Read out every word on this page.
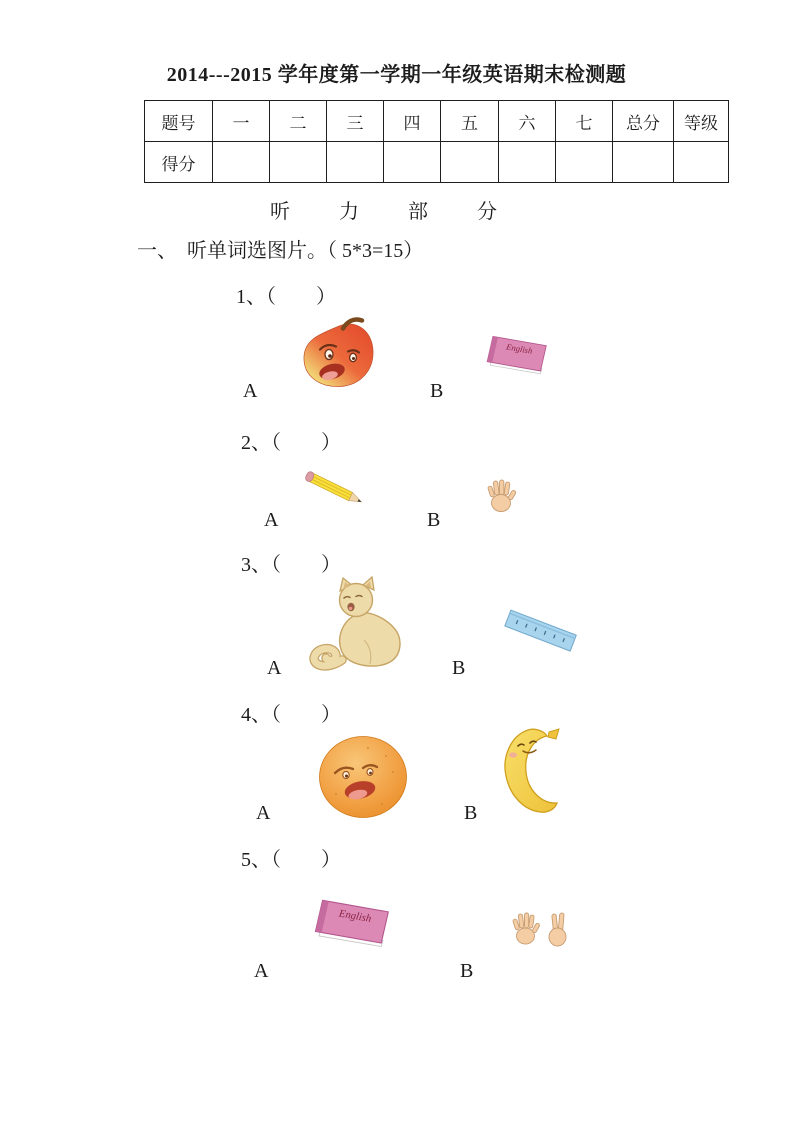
2014---2015 学年度第一学期一年级英语期末检测题
题号	一	二	三	四	五	六	七	总分	等级
得分									
听力部分
一、　听单词选图片。（ 5*3=15）
1、（　　）
English
A	B
2、（　　）
A	B
3、（　　）
A	B
4、（　　）
A	B
5、（　　）
English
A	B
